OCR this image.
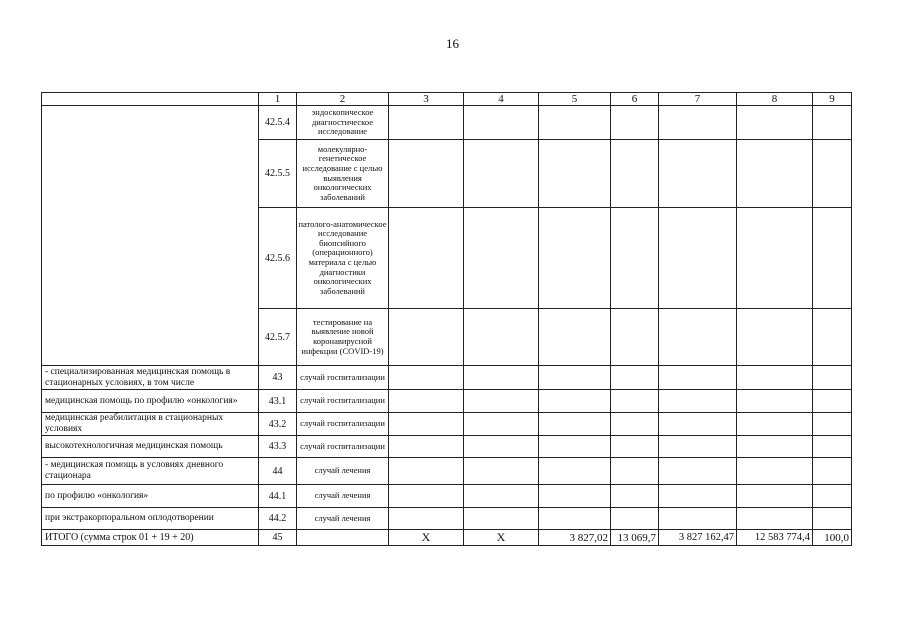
16
	1	2	3	4	5	6	7	8	9
	42.5.4	эндоскопическое диагностическое исследование							
	42.5.5	молекулярно-генетическое исследование с целью выявления онкологических заболеваний							
	42.5.6	патолого-анатомическое исследование биопсийного (операционного) материала с целью диагностики онкологических заболеваний							
	42.5.7	тестирование на выявление новой коронавирусной инфекции (COVID-19)							
- специализированная медицинская помощь в стационарных условиях, в том числе	43	случай госпитализации							
медицинская помощь по профилю «онкология»	43.1	случай госпитализации							
медицинская реабилитация в стационарных условиях	43.2	случай госпитализации							
высокотехнологичная медицинская помощь	43.3	случай госпитализации							
- медицинская помощь в условиях дневного стационара	44	случай лечения							
по профилю «онкология»	44.1	случай лечения							
при экстракорпоральном оплодотворении	44.2	случай лечения							
ИТОГО (сумма строк 01 + 19 + 20)	45		X	X	3 827,02	13 069,7	3 827 162,47	12 583 774,4	100,0
